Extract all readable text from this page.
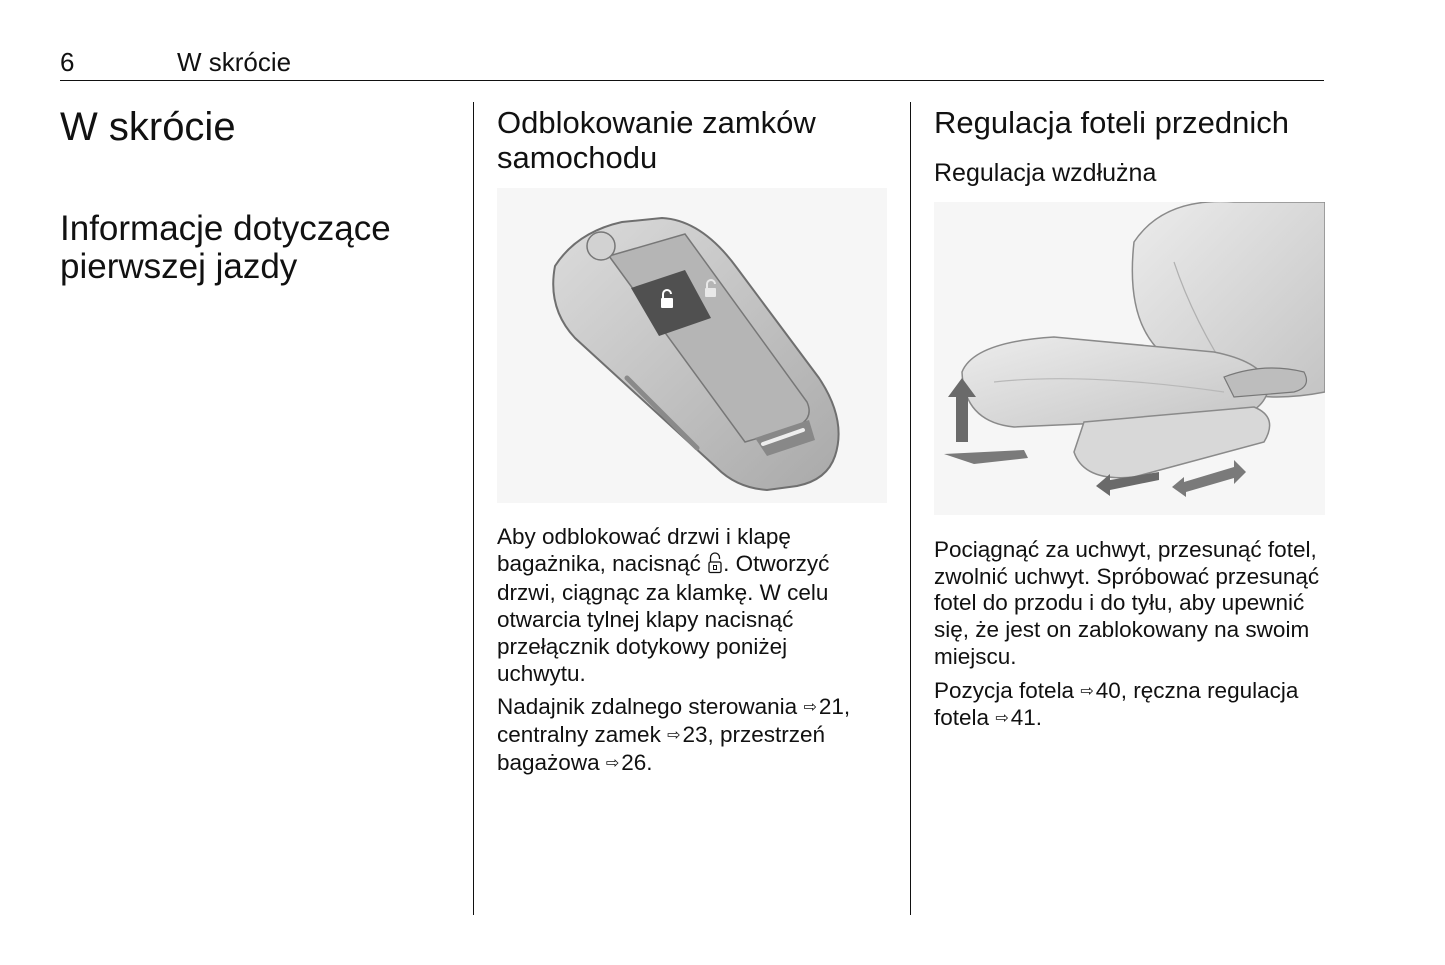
6	W skrócie
W skrócie
Informacje dotyczące pierwszej jazdy
Odblokowanie zamków samochodu

Aby odblokować drzwi i klapę bagażnika, nacisnąć . Otworzyć drzwi, ciągnąc za klamkę. W celu otwarcia tylnej klapy nacisnąć przełącznik dotykowy poniżej uchwytu.

Nadajnik zdalnego sterowania ⇨21, centralny zamek ⇨23, przestrzeń bagażowa ⇨26.

Regulacja foteli przednich
Regulacja wzdłużna

Pociągnąć za uchwyt, przesunąć fotel, zwolnić uchwyt. Spróbować przesunąć fotel do przodu i do tyłu, aby upewnić się, że jest on zablokowany na swoim miejscu.

Pozycja fotela ⇨40, ręczna regulacja fotela ⇨41.
